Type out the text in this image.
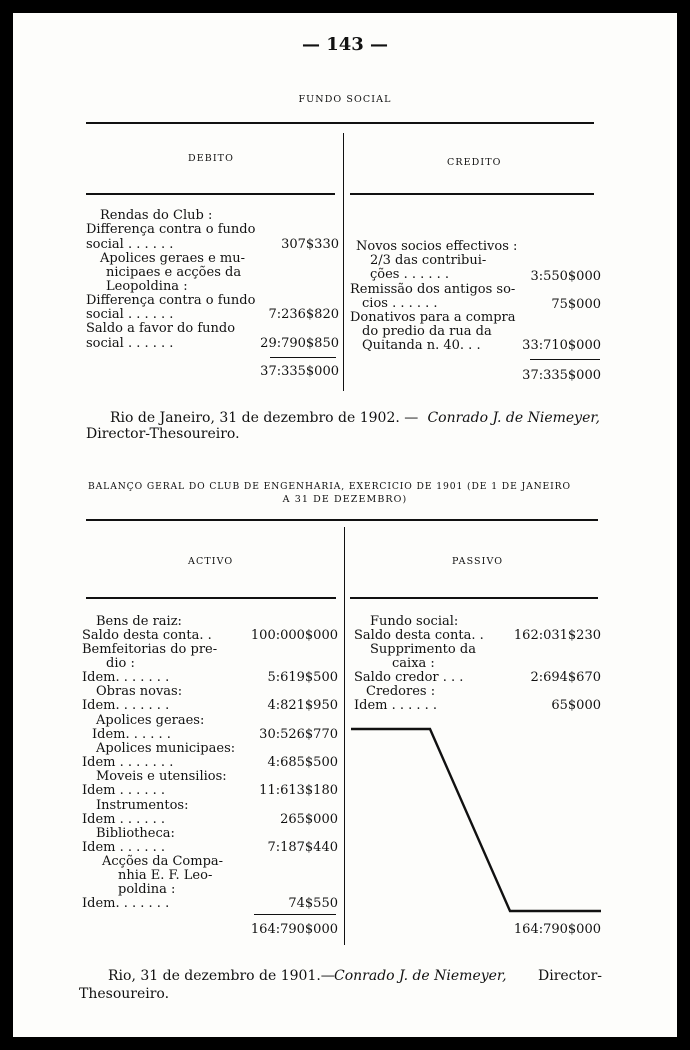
— 143 —
FUNDO SOCIAL
DEBITO	CREDITO
Rendas do Club :
Differença contra o fundo
social . . . . . .
Apolices geraes e mu-
nicipaes e acções da
Leopoldina :
Differença contra o fundo
social . . . . . .
Saldo a favor do fundo
social . . . . . .
307$330
7:236$820
29:790$850
37:335$000
Novos socios effectivos :
2/3 das contribui-
ções . . . . . .
Remissão dos antigos so-
cios . . . . . .
Donativos para a compra
do predio da rua da
Quitanda n. 40. . .
3:550$000
75$000
33:710$000
37:335$000
Rio de Janeiro, 31 de dezembro de 1902. — Conrado J. de Niemeyer,
Director-Thesoureiro.
BALANÇO GERAL DO CLUB DE ENGENHARIA, EXERCICIO DE 1901 (DE 1 DE JANEIRO
A 31 DE DEZEMBRO)
ACTIVO	PASSIVO
Bens de raiz:
Saldo desta conta. .
Bemfeitorias do pre-
dio :
Idem. . . . . . .
Obras novas:
Idem. . . . . . .
Apolices geraes:
Idem. . . . . .
Apolices municipaes:
Idem . . . . . . .
Moveis e utensilios:
Idem . . . . . .
Instrumentos:
Idem . . . . . .
Bibliotheca:
Idem . . . . . .
Acções da Compa-
nhia E. F. Leo-
poldina :
Idem. . . . . . .
100:000$000
5:619$500
4:821$950
30:526$770
4:685$500
11:613$180
265$000
7:187$440
74$550
164:790$000
Fundo social:
Saldo desta conta. .
Supprimento da
caixa :
Saldo credor . . .
Credores :
Idem . . . . . .
162:031$230
2:694$670
65$000
164:790$000
Rio, 31 de dezembro de 1901.— Conrado J. de Niemeyer, Director-
Thesoureiro.
